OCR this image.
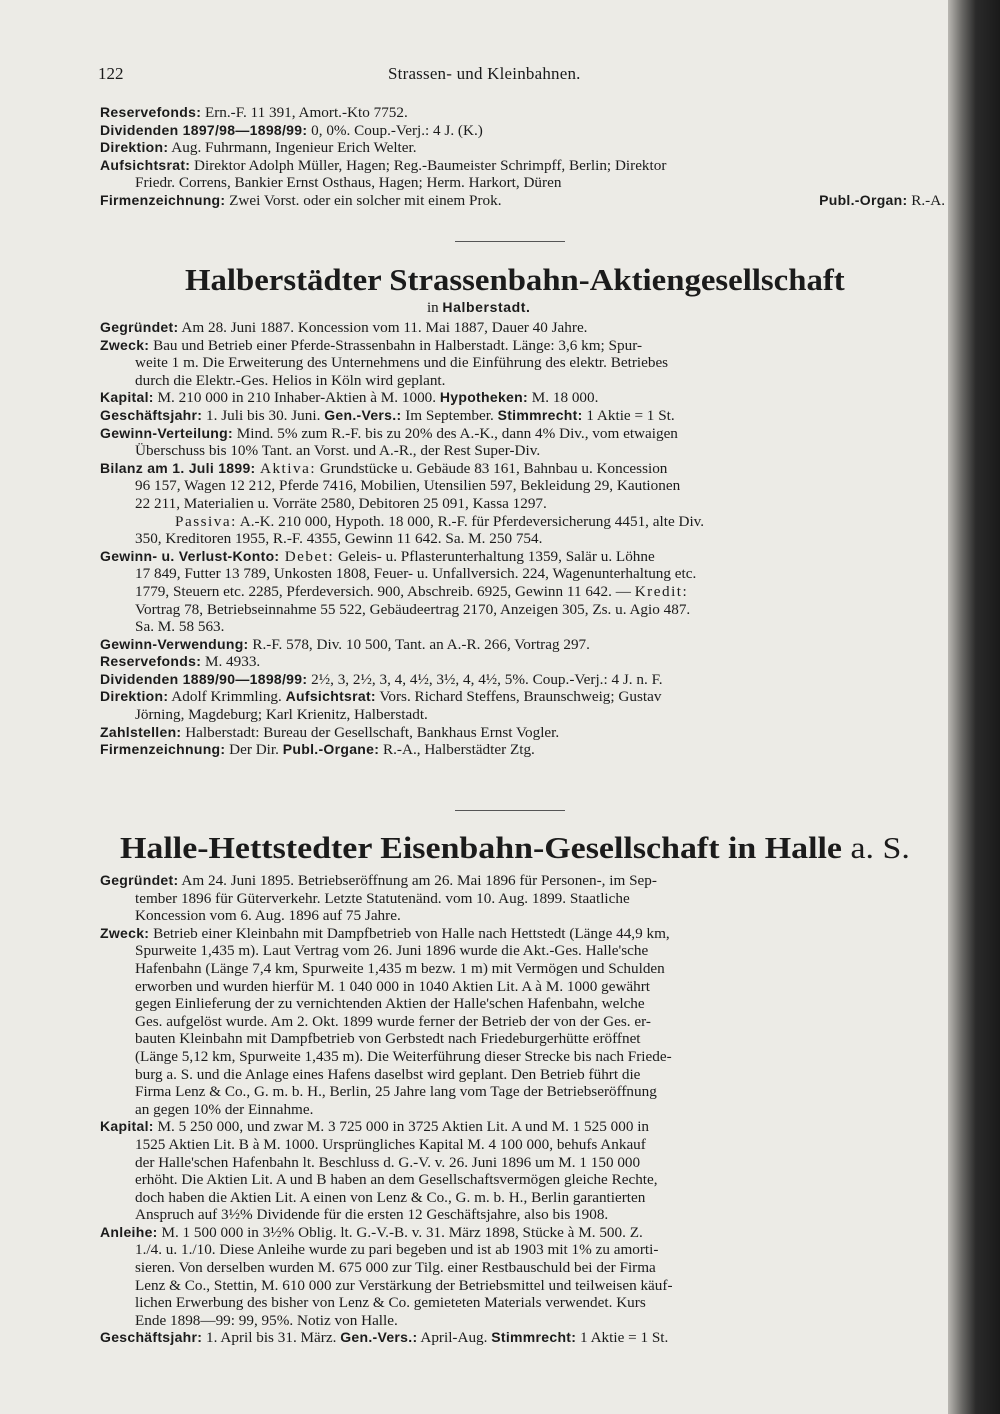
122	Strassen- und Kleinbahnen.
Reservefonds: Ern.-F. 11 391, Amort.-Kto 7752.
Dividenden 1897/98—1898/99: 0, 0%. Coup.-Verj.: 4 J. (K.)
Direktion: Aug. Fuhrmann, Ingenieur Erich Welter.
Aufsichtsrat: Direktor Adolph Müller, Hagen; Reg.-Baumeister Schrimpff, Berlin; Direktor
Friedr. Correns, Bankier Ernst Osthaus, Hagen; Herm. Harkort, Düren
Firmenzeichnung: Zwei Vorst. oder ein solcher mit einem Prok.	Publ.-Organ: R.-A.
Halberstädter Strassenbahn-Aktiengesellschaft
in Halberstadt.
Gegründet: Am 28. Juni 1887. Koncession vom 11. Mai 1887, Dauer 40 Jahre.
Zweck: Bau und Betrieb einer Pferde-Strassenbahn in Halberstadt. Länge: 3,6 km; Spur-
weite 1 m. Die Erweiterung des Unternehmens und die Einführung des elektr. Betriebes
durch die Elektr.-Ges. Helios in Köln wird geplant.
Kapital: M. 210 000 in 210 Inhaber-Aktien à M. 1000. Hypotheken: M. 18 000.
Geschäftsjahr: 1. Juli bis 30. Juni. Gen.-Vers.: Im September. Stimmrecht: 1 Aktie = 1 St.
Gewinn-Verteilung: Mind. 5% zum R.-F. bis zu 20% des A.-K., dann 4% Div., vom etwaigen
Überschuss bis 10% Tant. an Vorst. und A.-R., der Rest Super-Div.
Bilanz am 1. Juli 1899: Aktiva: Grundstücke u. Gebäude 83 161, Bahnbau u. Koncession
96 157, Wagen 12 212, Pferde 7416, Mobilien, Utensilien 597, Bekleidung 29, Kautionen
22 211, Materialien u. Vorräte 2580, Debitoren 25 091, Kassa 1297.
Passiva: A.-K. 210 000, Hypoth. 18 000, R.-F. für Pferdeversicherung 4451, alte Div.
350, Kreditoren 1955, R.-F. 4355, Gewinn 11 642. Sa. M. 250 754.
Gewinn- u. Verlust-Konto: Debet: Geleis- u. Pflasterunterhaltung 1359, Salär u. Löhne
17 849, Futter 13 789, Unkosten 1808, Feuer- u. Unfallversich. 224, Wagenunterhaltung etc.
1779, Steuern etc. 2285, Pferdeversich. 900, Abschreib. 6925, Gewinn 11 642. — Kredit:
Vortrag 78, Betriebseinnahme 55 522, Gebäudeertrag 2170, Anzeigen 305, Zs. u. Agio 487.
Sa. M. 58 563.
Gewinn-Verwendung: R.-F. 578, Div. 10 500, Tant. an A.-R. 266, Vortrag 297.
Reservefonds: M. 4933.
Dividenden 1889/90—1898/99: 2½, 3, 2½, 3, 4, 4½, 3½, 4, 4½, 5%. Coup.-Verj.: 4 J. n. F.
Direktion: Adolf Krimmling. Aufsichtsrat: Vors. Richard Steffens, Braunschweig; Gustav
Jörning, Magdeburg; Karl Krienitz, Halberstadt.
Zahlstellen: Halberstadt: Bureau der Gesellschaft, Bankhaus Ernst Vogler.
Firmenzeichnung: Der Dir. Publ.-Organe: R.-A., Halberstädter Ztg.
Halle-Hettstedter Eisenbahn-Gesellschaft in Halle a. S.
Gegründet: Am 24. Juni 1895. Betriebseröffnung am 26. Mai 1896 für Personen-, im Sep-
tember 1896 für Güterverkehr. Letzte Statutenänd. vom 10. Aug. 1899. Staatliche
Koncession vom 6. Aug. 1896 auf 75 Jahre.
Zweck: Betrieb einer Kleinbahn mit Dampfbetrieb von Halle nach Hettstedt (Länge 44,9 km,
Spurweite 1,435 m). Laut Vertrag vom 26. Juni 1896 wurde die Akt.-Ges. Halle'sche
Hafenbahn (Länge 7,4 km, Spurweite 1,435 m bezw. 1 m) mit Vermögen und Schulden
erworben und wurden hierfür M. 1 040 000 in 1040 Aktien Lit. A à M. 1000 gewährt
gegen Einlieferung der zu vernichtenden Aktien der Halle'schen Hafenbahn, welche
Ges. aufgelöst wurde. Am 2. Okt. 1899 wurde ferner der Betrieb der von der Ges. er-
bauten Kleinbahn mit Dampfbetrieb von Gerbstedt nach Friedeburgerhütte eröffnet
(Länge 5,12 km, Spurweite 1,435 m). Die Weiterführung dieser Strecke bis nach Friede-
burg a. S. und die Anlage eines Hafens daselbst wird geplant. Den Betrieb führt die
Firma Lenz & Co., G. m. b. H., Berlin, 25 Jahre lang vom Tage der Betriebseröffnung
an gegen 10% der Einnahme.
Kapital: M. 5 250 000, und zwar M. 3 725 000 in 3725 Aktien Lit. A und M. 1 525 000 in
1525 Aktien Lit. B à M. 1000. Ursprüngliches Kapital M. 4 100 000, behufs Ankauf
der Halle'schen Hafenbahn lt. Beschluss d. G.-V. v. 26. Juni 1896 um M. 1 150 000
erhöht. Die Aktien Lit. A und B haben an dem Gesellschaftsvermögen gleiche Rechte,
doch haben die Aktien Lit. A einen von Lenz & Co., G. m. b. H., Berlin garantierten
Anspruch auf 3½% Dividende für die ersten 12 Geschäftsjahre, also bis 1908.
Anleihe: M. 1 500 000 in 3½% Oblig. lt. G.-V.-B. v. 31. März 1898, Stücke à M. 500. Z.
1./4. u. 1./10. Diese Anleihe wurde zu pari begeben und ist ab 1903 mit 1% zu amorti-
sieren. Von derselben wurden M. 675 000 zur Tilg. einer Restbauschuld bei der Firma
Lenz & Co., Stettin, M. 610 000 zur Verstärkung der Betriebsmittel und teilweisen käuf-
lichen Erwerbung des bisher von Lenz & Co. gemieteten Materials verwendet. Kurs
Ende 1898—99: 99, 95%. Notiz von Halle.
Geschäftsjahr: 1. April bis 31. März. Gen.-Vers.: April-Aug. Stimmrecht: 1 Aktie = 1 St.
